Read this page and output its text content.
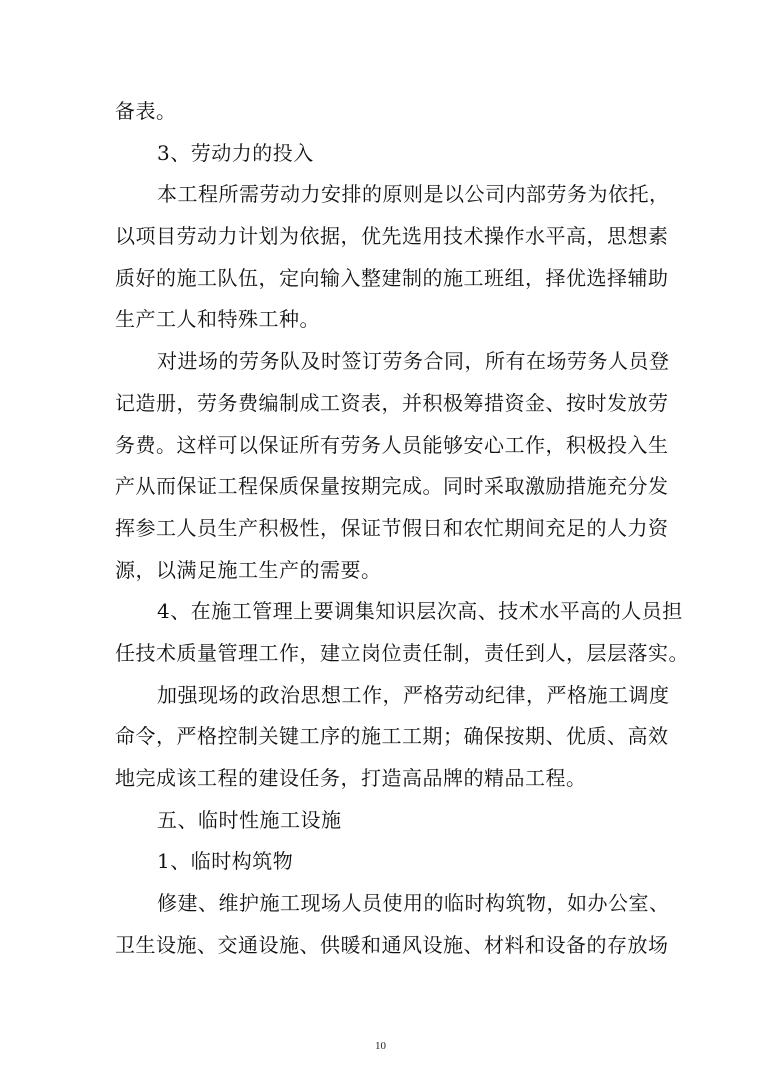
备表。
3、劳动力的投入
本工程所需劳动力安排的原则是以公司内部劳务为依托，
以项目劳动力计划为依据，优先选用技术操作水平高，思想素
质好的施工队伍，定向输入整建制的施工班组，择优选择辅助
生产工人和特殊工种。
对进场的劳务队及时签订劳务合同，所有在场劳务人员登
记造册，劳务费编制成工资表，并积极筹措资金、按时发放劳
务费。这样可以保证所有劳务人员能够安心工作，积极投入生
产从而保证工程保质保量按期完成。同时采取激励措施充分发
挥参工人员生产积极性，保证节假日和农忙期间充足的人力资
源，以满足施工生产的需要。
4、在施工管理上要调集知识层次高、技术水平高的人员担
任技术质量管理工作，建立岗位责任制，责任到人，层层落实。
加强现场的政治思想工作，严格劳动纪律，严格施工调度
命令，严格控制关键工序的施工工期；确保按期、优质、高效
地完成该工程的建设任务，打造高品牌的精品工程。
五、临时性施工设施
1、临时构筑物
修建、维护施工现场人员使用的临时构筑物，如办公室、
卫生设施、交通设施、供暖和通风设施、材料和设备的存放场
10
